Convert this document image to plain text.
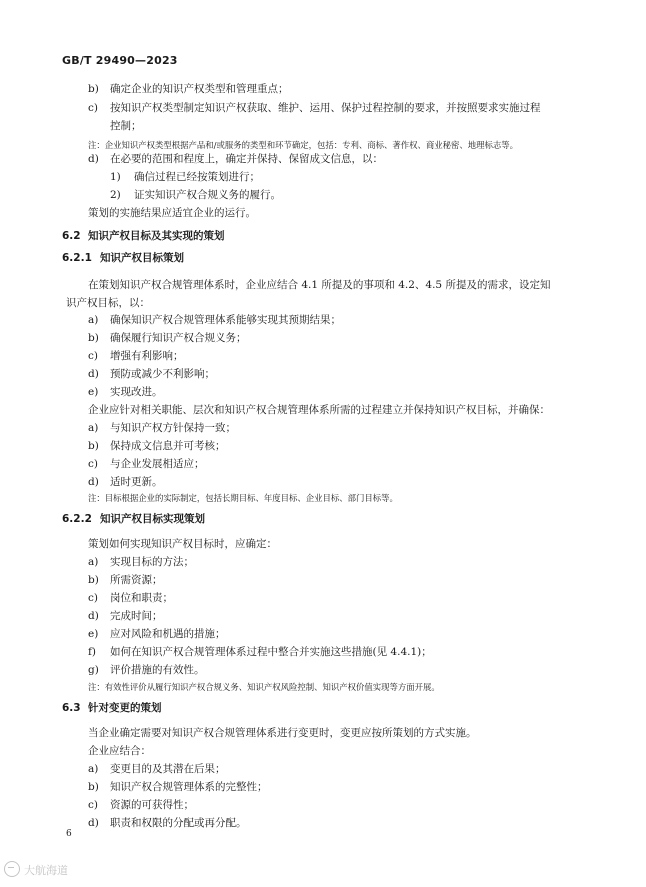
GB/T 29490—2023
b) 确定企业的知识产权类型和管理重点；
c) 按知识产权类型制定知识产权获取、维护、运用、保护过程控制的要求，并按照要求实施过程
控制；
注：企业知识产权类型根据产品和/或服务的类型和环节确定，包括：专利、商标、著作权、商业秘密、地理标志等。
d) 在必要的范围和程度上，确定并保持、保留成文信息，以：
1) 确信过程已经按策划进行；
2) 证实知识产权合规义务的履行。
策划的实施结果应适宜企业的运行。
6.2 知识产权目标及其实现的策划
6.2.1 知识产权目标策划
在策划知识产权合规管理体系时，企业应结合 4.1 所提及的事项和 4.2、4.5 所提及的需求，设定知
识产权目标，以：
a) 确保知识产权合规管理体系能够实现其预期结果；
b) 确保履行知识产权合规义务；
c) 增强有利影响；
d) 预防或减少不利影响；
e) 实现改进。
企业应针对相关职能、层次和知识产权合规管理体系所需的过程建立并保持知识产权目标，并确保：
a) 与知识产权方针保持一致；
b) 保持成文信息并可考核；
c) 与企业发展相适应；
d) 适时更新。
注：目标根据企业的实际制定，包括长期目标、年度目标、企业目标、部门目标等。
6.2.2 知识产权目标实现策划
策划如何实现知识产权目标时，应确定：
a) 实现目标的方法；
b) 所需资源；
c) 岗位和职责；
d) 完成时间；
e) 应对风险和机遇的措施；
f) 如何在知识产权合规管理体系过程中整合并实施这些措施(见 4.4.1)；
g) 评价措施的有效性。
注：有效性评价从履行知识产权合规义务、知识产权风险控制、知识产权价值实现等方面开展。
6.3 针对变更的策划
当企业确定需要对知识产权合规管理体系进行变更时，变更应按所策划的方式实施。
企业应结合：
a) 变更目的及其潜在后果；
b) 知识产权合规管理体系的完整性；
c) 资源的可获得性；
d) 职责和权限的分配或再分配。
6
大航海道
